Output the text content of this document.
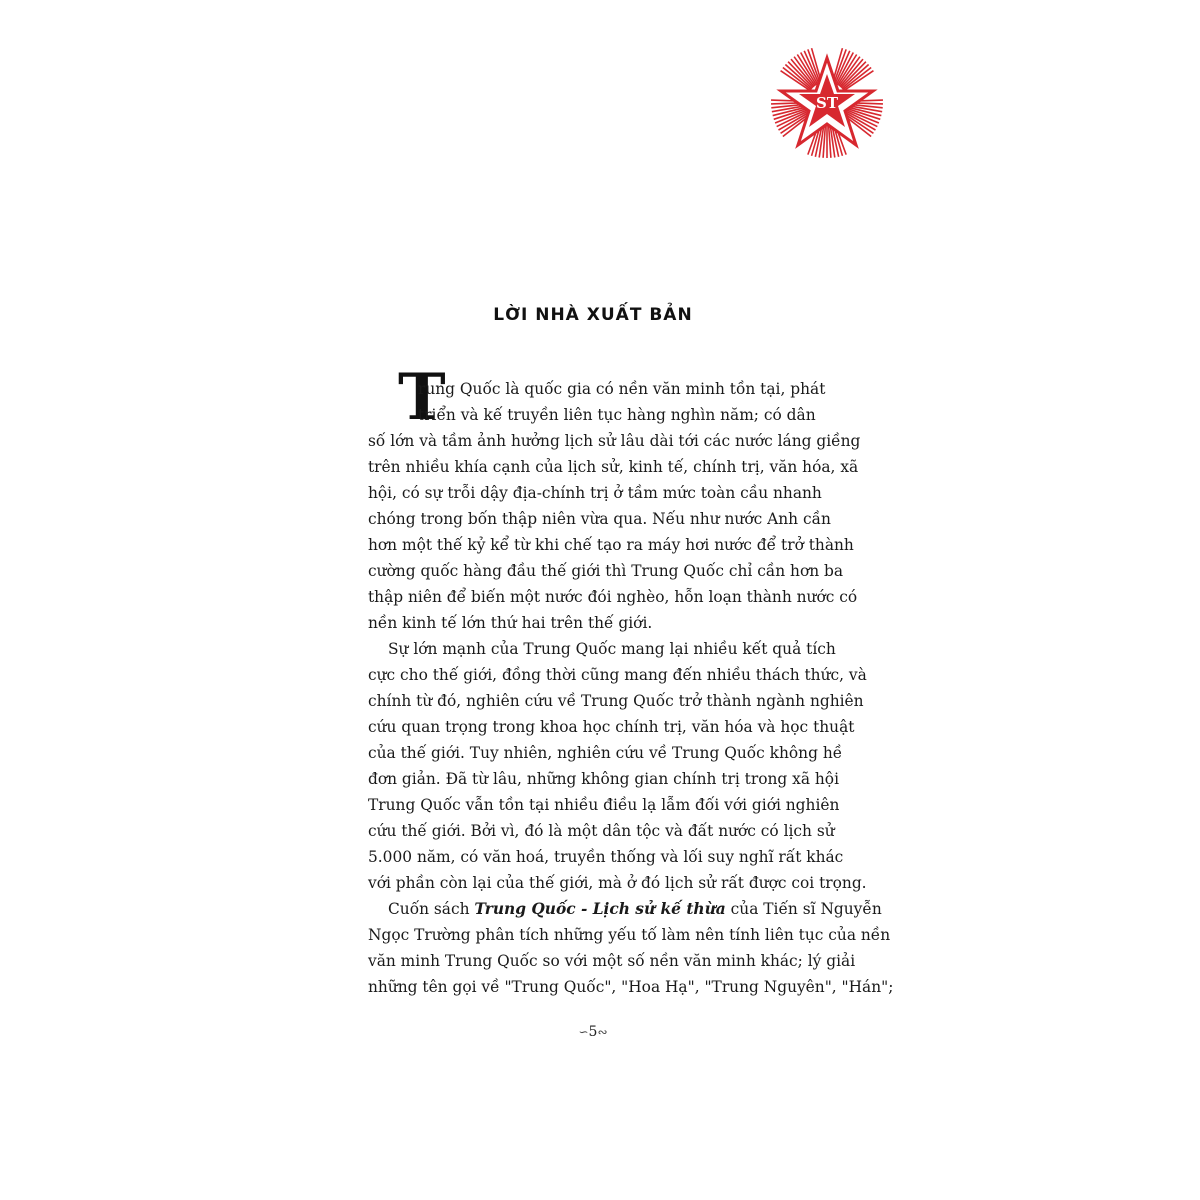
ST
LỜI NHÀ XUẤT BẢN
T
rung Quốc là quốc gia có nền văn minh tồn tại, phát
triển và kế truyền liên tục hàng nghìn năm; có dân
số lớn và tầm ảnh hưởng lịch sử lâu dài tới các nước láng giềng
trên nhiều khía cạnh của lịch sử, kinh tế, chính trị, văn hóa, xã
hội, có sự trỗi dậy địa-chính trị ở tầm mức toàn cầu nhanh
chóng trong bốn thập niên vừa qua. Nếu như nước Anh cần
hơn một thế kỷ kể từ khi chế tạo ra máy hơi nước để trở thành
cường quốc hàng đầu thế giới thì Trung Quốc chỉ cần hơn ba
thập niên để biến một nước đói nghèo, hỗn loạn thành nước có
nền kinh tế lớn thứ hai trên thế giới.
Sự lớn mạnh của Trung Quốc mang lại nhiều kết quả tích
cực cho thế giới, đồng thời cũng mang đến nhiều thách thức, và
chính từ đó, nghiên cứu về Trung Quốc trở thành ngành nghiên
cứu quan trọng trong khoa học chính trị, văn hóa và học thuật
của thế giới. Tuy nhiên, nghiên cứu về Trung Quốc không hề
đơn giản. Đã từ lâu, những không gian chính trị trong xã hội
Trung Quốc vẫn tồn tại nhiều điều lạ lẫm đối với giới nghiên
cứu thế giới. Bởi vì, đó là một dân tộc và đất nước có lịch sử
5.000 năm, có văn hoá, truyền thống và lối suy nghĩ rất khác
với phần còn lại của thế giới, mà ở đó lịch sử rất được coi trọng.
Cuốn sách Trung Quốc - Lịch sử kế thừa của Tiến sĩ Nguyễn
Ngọc Trường phân tích những yếu tố làm nên tính liên tục của nền
văn minh Trung Quốc so với một số nền văn minh khác; lý giải
những tên gọi về "Trung Quốc", "Hoa Hạ", "Trung Nguyên", "Hán";
∽5∾
